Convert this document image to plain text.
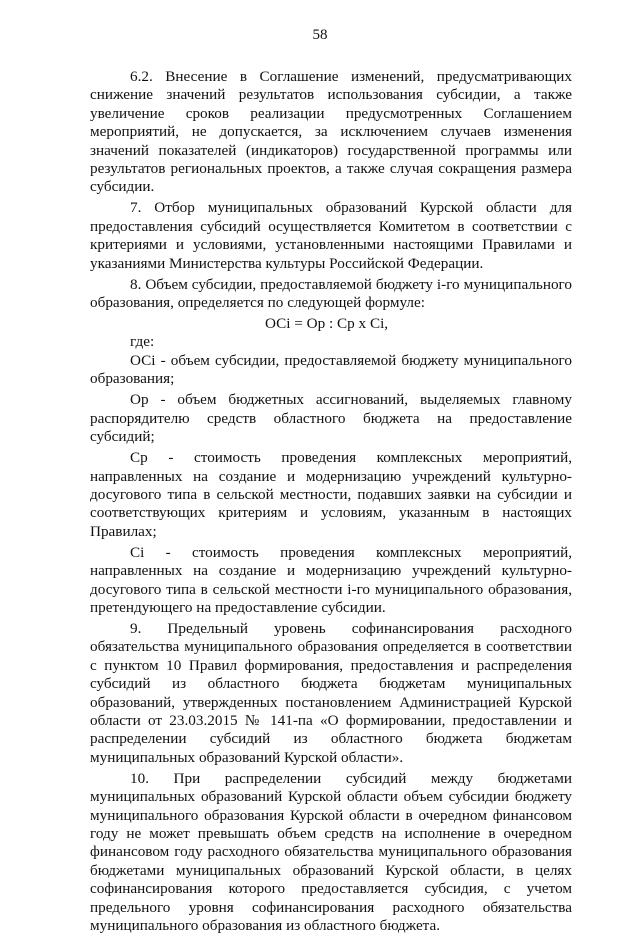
58

6.2. Внесение в Соглашение изменений, предусматривающих снижение значений результатов использования субсидии, а также увеличение сроков реализации предусмотренных Соглашением мероприятий, не допускается, за исключением случаев изменения значений показателей (индикаторов) государственной программы или результатов региональных проектов, а также случая сокращения размера субсидии.

7. Отбор муниципальных образований Курской области для предоставления субсидий осуществляется Комитетом в соответствии с критериями и условиями, установленными настоящими Правилами и указаниями Министерства культуры Российской Федерации.

8. Объем субсидии, предоставляемой бюджету i-го муниципального образования, определяется по следующей формуле:

ОСi = Ор : Ср х Сi,

где:

ОСi - объем субсидии, предоставляемой бюджету муниципального образования;

Ор - объем бюджетных ассигнований, выделяемых главному распорядителю средств областного бюджета на предоставление субсидий;

Ср - стоимость проведения комплексных мероприятий, направленных на создание и модернизацию учреждений культурно-досугового типа в сельской местности, подавших заявки на субсидии и соответствующих критериям и условиям, указанным в настоящих Правилах;

Сi - стоимость проведения комплексных мероприятий, направленных на создание и модернизацию учреждений культурно-досугового типа в сельской местности i-го муниципального образования, претендующего на предоставление субсидии.

9. Предельный уровень софинансирования расходного обязательства муниципального образования определяется в соответствии с пунктом 10 Правил формирования, предоставления и распределения субсидий из областного бюджета бюджетам муниципальных образований, утвержденных постановлением Администрацией Курской области от 23.03.2015 № 141-па «О формировании, предоставлении и распределении субсидий из областного бюджета бюджетам муниципальных образований Курской области».

10. При распределении субсидий между бюджетами муниципальных образований Курской области объем субсидии бюджету муниципального образования Курской области в очередном финансовом году не может превышать объем средств на исполнение в очередном финансовом году расходного обязательства муниципального образования бюджетами муниципальных образований Курской области, в целях софинансирования которого предоставляется субсидия, с учетом предельного уровня софинансирования расходного обязательства муниципального образования из областного бюджета.
